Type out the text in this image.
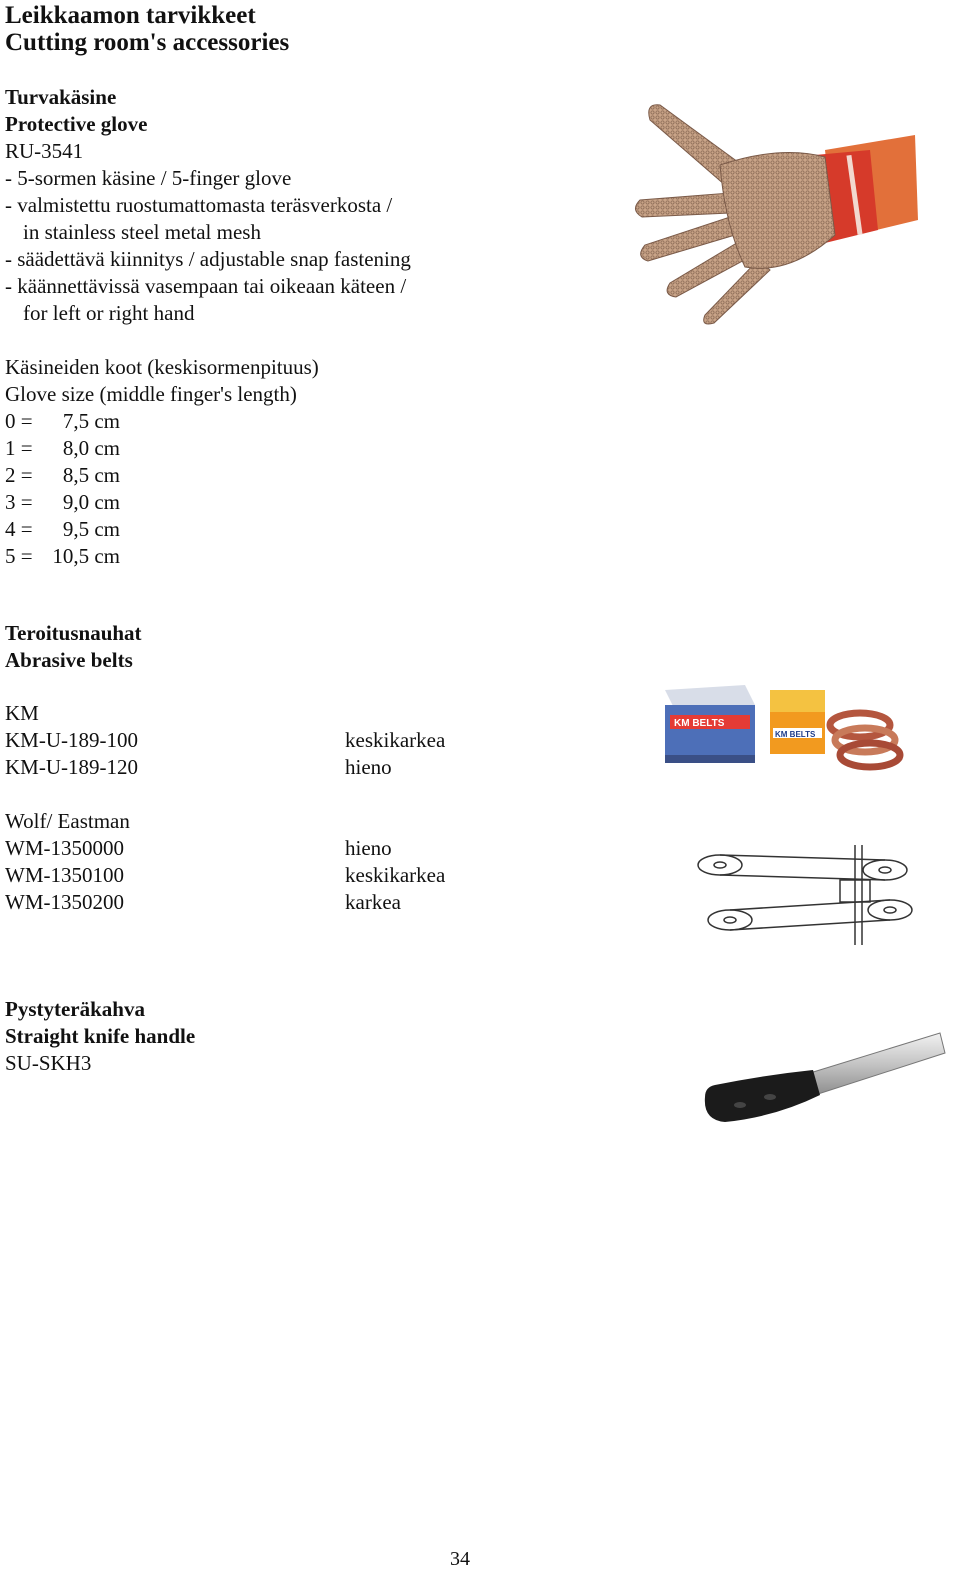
Leikkaamon tarvikkeet
Cutting room's accessories
Turvakäsine
Protective glove
RU-3541
- 5-sormen käsine / 5-finger glove
- valmistettu ruostumattomasta teräsverkosta /
in stainless steel metal mesh
- säädettävä kiinnitys / adjustable snap fastening
- käännettävissä vasempaan tai oikeaan käteen /
for left or right hand
Käsineiden koot (keskisormenpituus)
Glove size (middle finger's length)
0 = 7,5 cm
1 = 8,0 cm
2 = 8,5 cm
3 = 9,0 cm
4 = 9,5 cm
5 = 10,5 cm
Teroitusnauhat
Abrasive belts
KM
KM-U-189-100	keskikarkea
KM-U-189-120	hieno
Wolf/ Eastman
WM-1350000	hieno
WM-1350100	keskikarkea
WM-1350200	karkea
KM BELTS
KM BELTS
Pystyteräkahva
Straight knife handle
SU-SKH3
34
